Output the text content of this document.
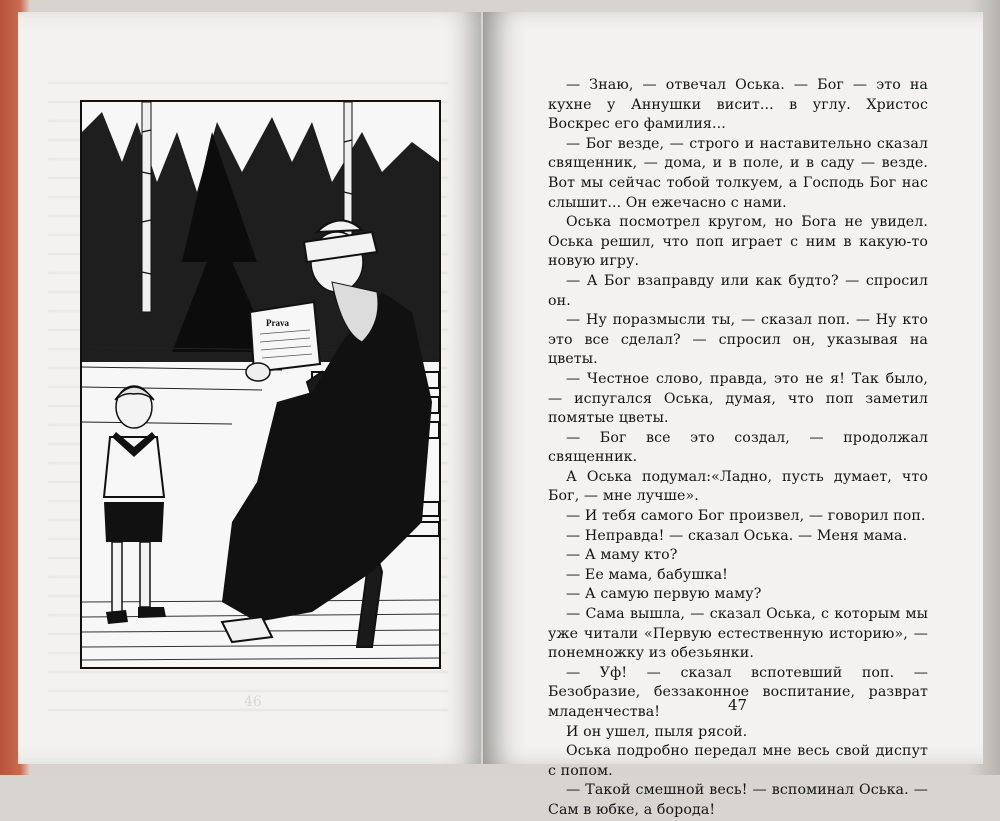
Prava
46

— Знаю, — отвечал Оська. — Бог — это на кухне у Аннушки висит... в углу. Христос Воскрес его фамилия...

— Бог везде, — строго и наставительно сказал священник, — дома, и в поле, и в саду — везде. Вот мы сейчас тобой толкуем, а Господь Бог нас слышит... Он ежечасно с нами.

Оська посмотрел кругом, но Бога не увидел. Оська решил, что поп играет с ним в какую-то новую игру.

— А Бог взаправду или как будто? — спросил он.

— Ну поразмысли ты, — сказал поп. — Ну кто это все сделал? — спросил он, указывая на цветы.

— Честное слово, правда, это не я! Так было, — испугался Оська, думая, что поп заметил помятые цветы.

— Бог все это создал, — продолжал священник.

А Оська подумал:«Ладно, пусть думает, что Бог, — мне лучше».

— И тебя самого Бог произвел, — говорил поп.

— Неправда! — сказал Оська. — Меня мама.

— А маму кто?

— Ее мама, бабушка!

— А самую первую маму?

— Сама вышла, — сказал Оська, с которым мы уже читали «Первую естественную историю», — понемножку из обезьянки.

— Уф! — сказал вспотевший поп. — Безобразие, беззаконное воспитание, разврат младенчества!

И он ушел, пыля рясой.

Оська подробно передал мне весь свой диспут с попом.

— Такой смешной весь! — вспоминал Оська. — Сам в юбке, а борода!

47
